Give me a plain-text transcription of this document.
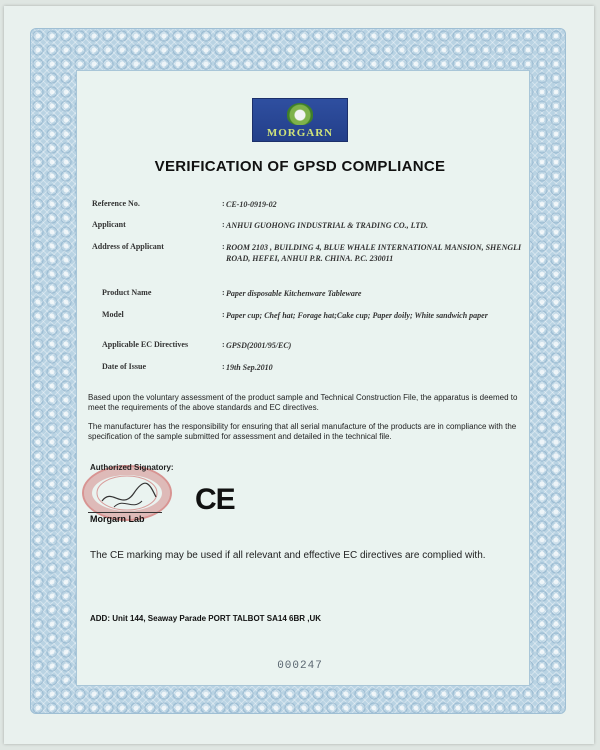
MORGARN
VERIFICATION OF GPSD COMPLIANCE
Reference No.	: CE-10-0919-02
Applicant	: ANHUI GUOHONG INDUSTRIAL & TRADING CO., LTD.
Address of Applicant	: ROOM 2103 , BUILDING 4, BLUE WHALE INTERNATIONAL MANSION, SHENGLI ROAD, HEFEI, ANHUI P.R. CHINA. P.C. 230011
Product Name	: Paper disposable Kitchenware Tableware
Model	: Paper cup; Chef hat; Forage hat;Cake cup; Paper doily; White sandwich paper
Applicable EC Directives	: GPSD(2001/95/EC)
Date of Issue	: 19th Sep.2010
Based upon the voluntary assessment of the product sample and Technical Construction File, the apparatus is deemed to meet the requirements of the above standards and EC directives.
The manufacturer has the responsibility for ensuring that all serial manufacture of the products are in compliance with the specification of the sample submitted for assessment and detailed in the technical file.
Authorized Signatory:
CE
Morgarn Lab
The CE marking may be used if all relevant and effective EC directives are complied with.
ADD: Unit 144, Seaway Parade PORT TALBOT SA14 6BR ,UK
000247
